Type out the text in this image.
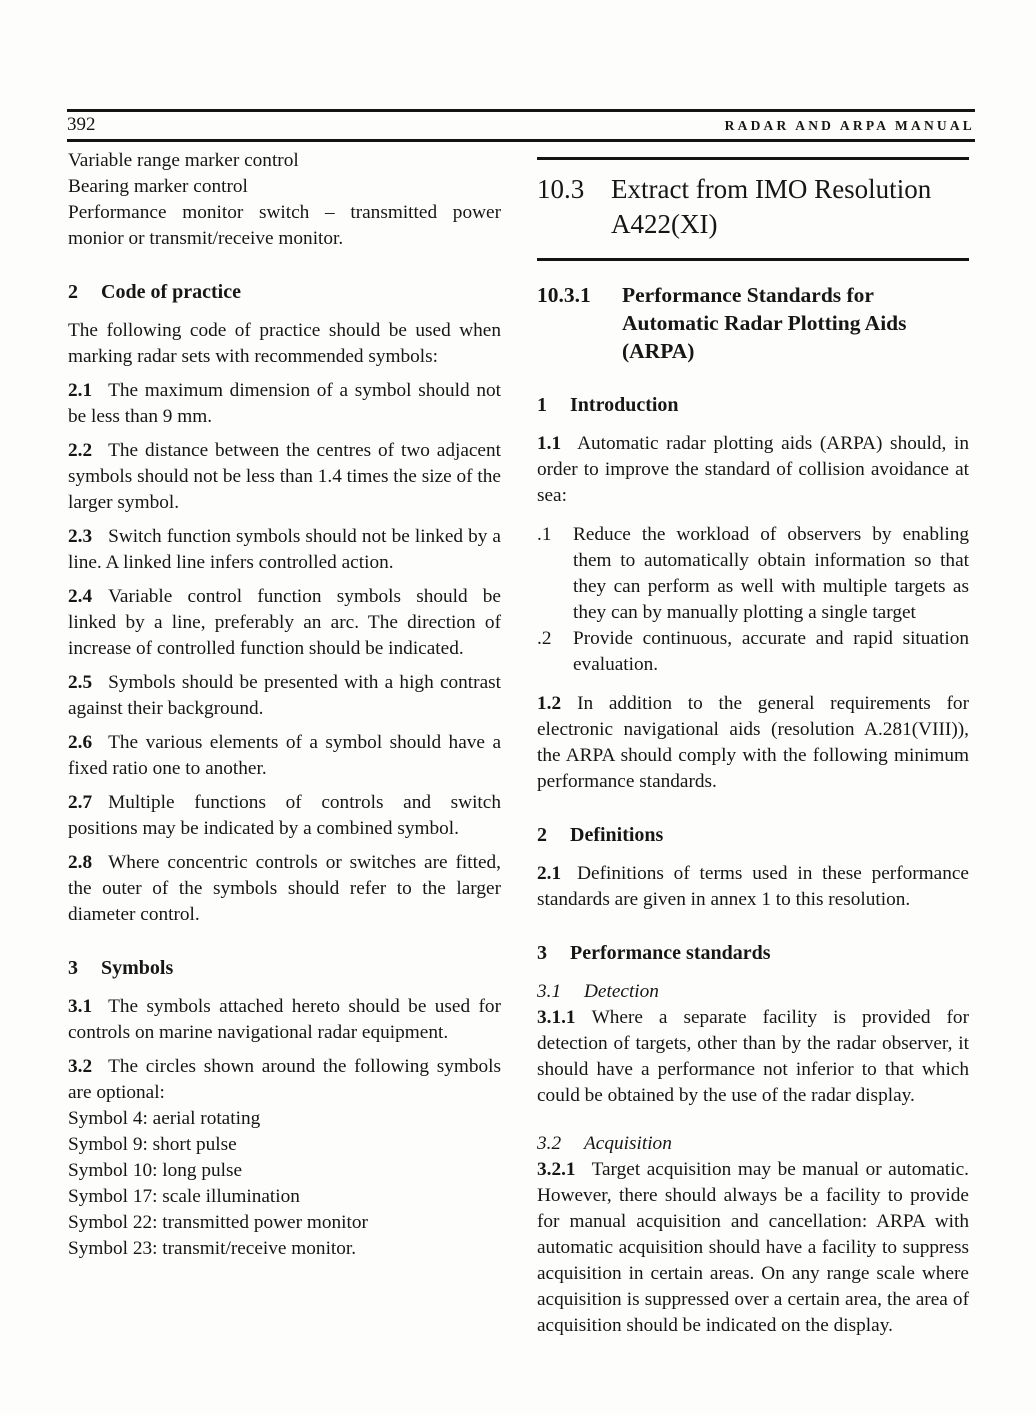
392	RADAR AND ARPA MANUAL
Variable range marker control
Bearing marker control
Performance monitor switch – transmitted power monior or transmit/receive monitor.
2	Code of practice

The following code of practice should be used when marking radar sets with recommended symbols:

2.1 The maximum dimension of a symbol should not be less than 9 mm.

2.2 The distance between the centres of two adjacent symbols should not be less than 1.4 times the size of the larger symbol.

2.3 Switch function symbols should not be linked by a line. A linked line infers controlled action.

2.4 Variable control function symbols should be linked by a line, preferably an arc. The direction of increase of controlled function should be indicated.

2.5 Symbols should be presented with a high contrast against their background.

2.6 The various elements of a symbol should have a fixed ratio one to another.

2.7 Multiple functions of controls and switch positions may be indicated by a combined symbol.

2.8 Where concentric controls or switches are fitted, the outer of the symbols should refer to the larger diameter control.

3	Symbols

3.1 The symbols attached hereto should be used for controls on marine navigational radar equipment.

3.2 The circles shown around the following symbols are optional:

Symbol 4: aerial rotating
Symbol 9: short pulse
Symbol 10: long pulse
Symbol 17: scale illumination
Symbol 22: transmitted power monitor
Symbol 23: transmit/receive monitor.
10.3 Extract from IMO Resolution
A422(XI)
10.3.1	Performance Standards for
Automatic Radar Plotting Aids
(ARPA)
1	Introduction

1.1 Automatic radar plotting aids (ARPA) should, in order to improve the standard of collision avoidance at sea:

.1	Reduce the workload of observers by enabling them to automatically obtain information so that they can perform as well with multiple targets as they can by manually plotting a single target
.2	Provide continuous, accurate and rapid situation evaluation.

1.2 In addition to the general requirements for electronic navigational aids (resolution A.281(VIII)), the ARPA should comply with the following minimum performance standards.

2	Definitions

2.1 Definitions of terms used in these performance standards are given in annex 1 to this resolution.

3	Performance standards
3.1	Detection

3.1.1 Where a separate facility is provided for detection of targets, other than by the radar observer, it should have a performance not inferior to that which could be obtained by the use of the radar display.

3.2	Acquisition

3.2.1 Target acquisition may be manual or automatic. However, there should always be a facility to provide for manual acquisition and cancellation: ARPA with automatic acquisition should have a facility to suppress acquisition in certain areas. On any range scale where acquisition is suppressed over a certain area, the area of acquisition should be indicated on the display.
